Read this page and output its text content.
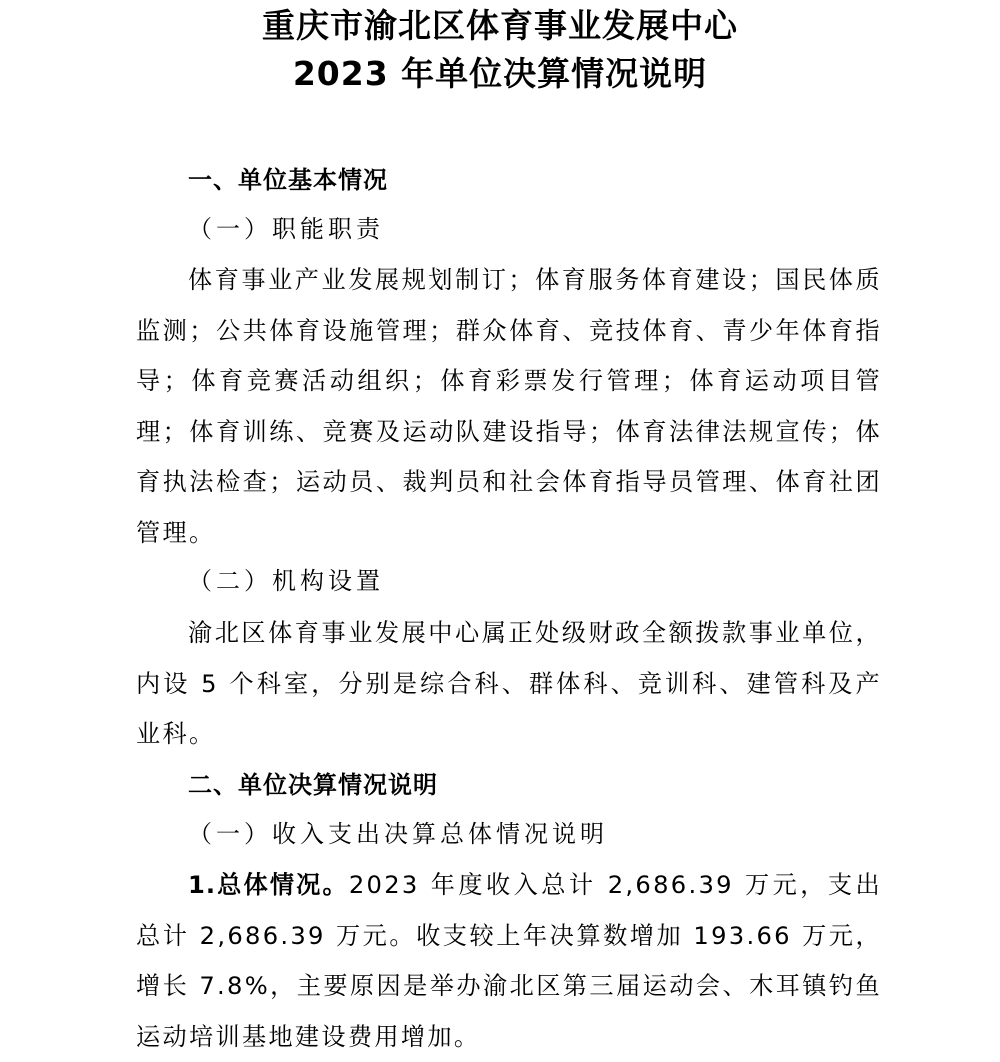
重庆市渝北区体育事业发展中心
2023 年单位决算情况说明
一、单位基本情况
（一）职能职责
体育事业产业发展规划制订；体育服务体育建设；国民体质监测；公共体育设施管理；群众体育、竞技体育、青少年体育指导；体育竞赛活动组织；体育彩票发行管理；体育运动项目管理；体育训练、竞赛及运动队建设指导；体育法律法规宣传；体育执法检查；运动员、裁判员和社会体育指导员管理、体育社团管理。
（二）机构设置
渝北区体育事业发展中心属正处级财政全额拨款事业单位，内设 5 个科室，分别是综合科、群体科、竞训科、建管科及产业科。
二、单位决算情况说明
（一）收入支出决算总体情况说明
1.总体情况。2023 年度收入总计 2,686.39 万元，支出总计 2,686.39 万元。收支较上年决算数增加 193.66 万元，增长 7.8%，主要原因是举办渝北区第三届运动会、木耳镇钓鱼运动培训基地建设费用增加。
